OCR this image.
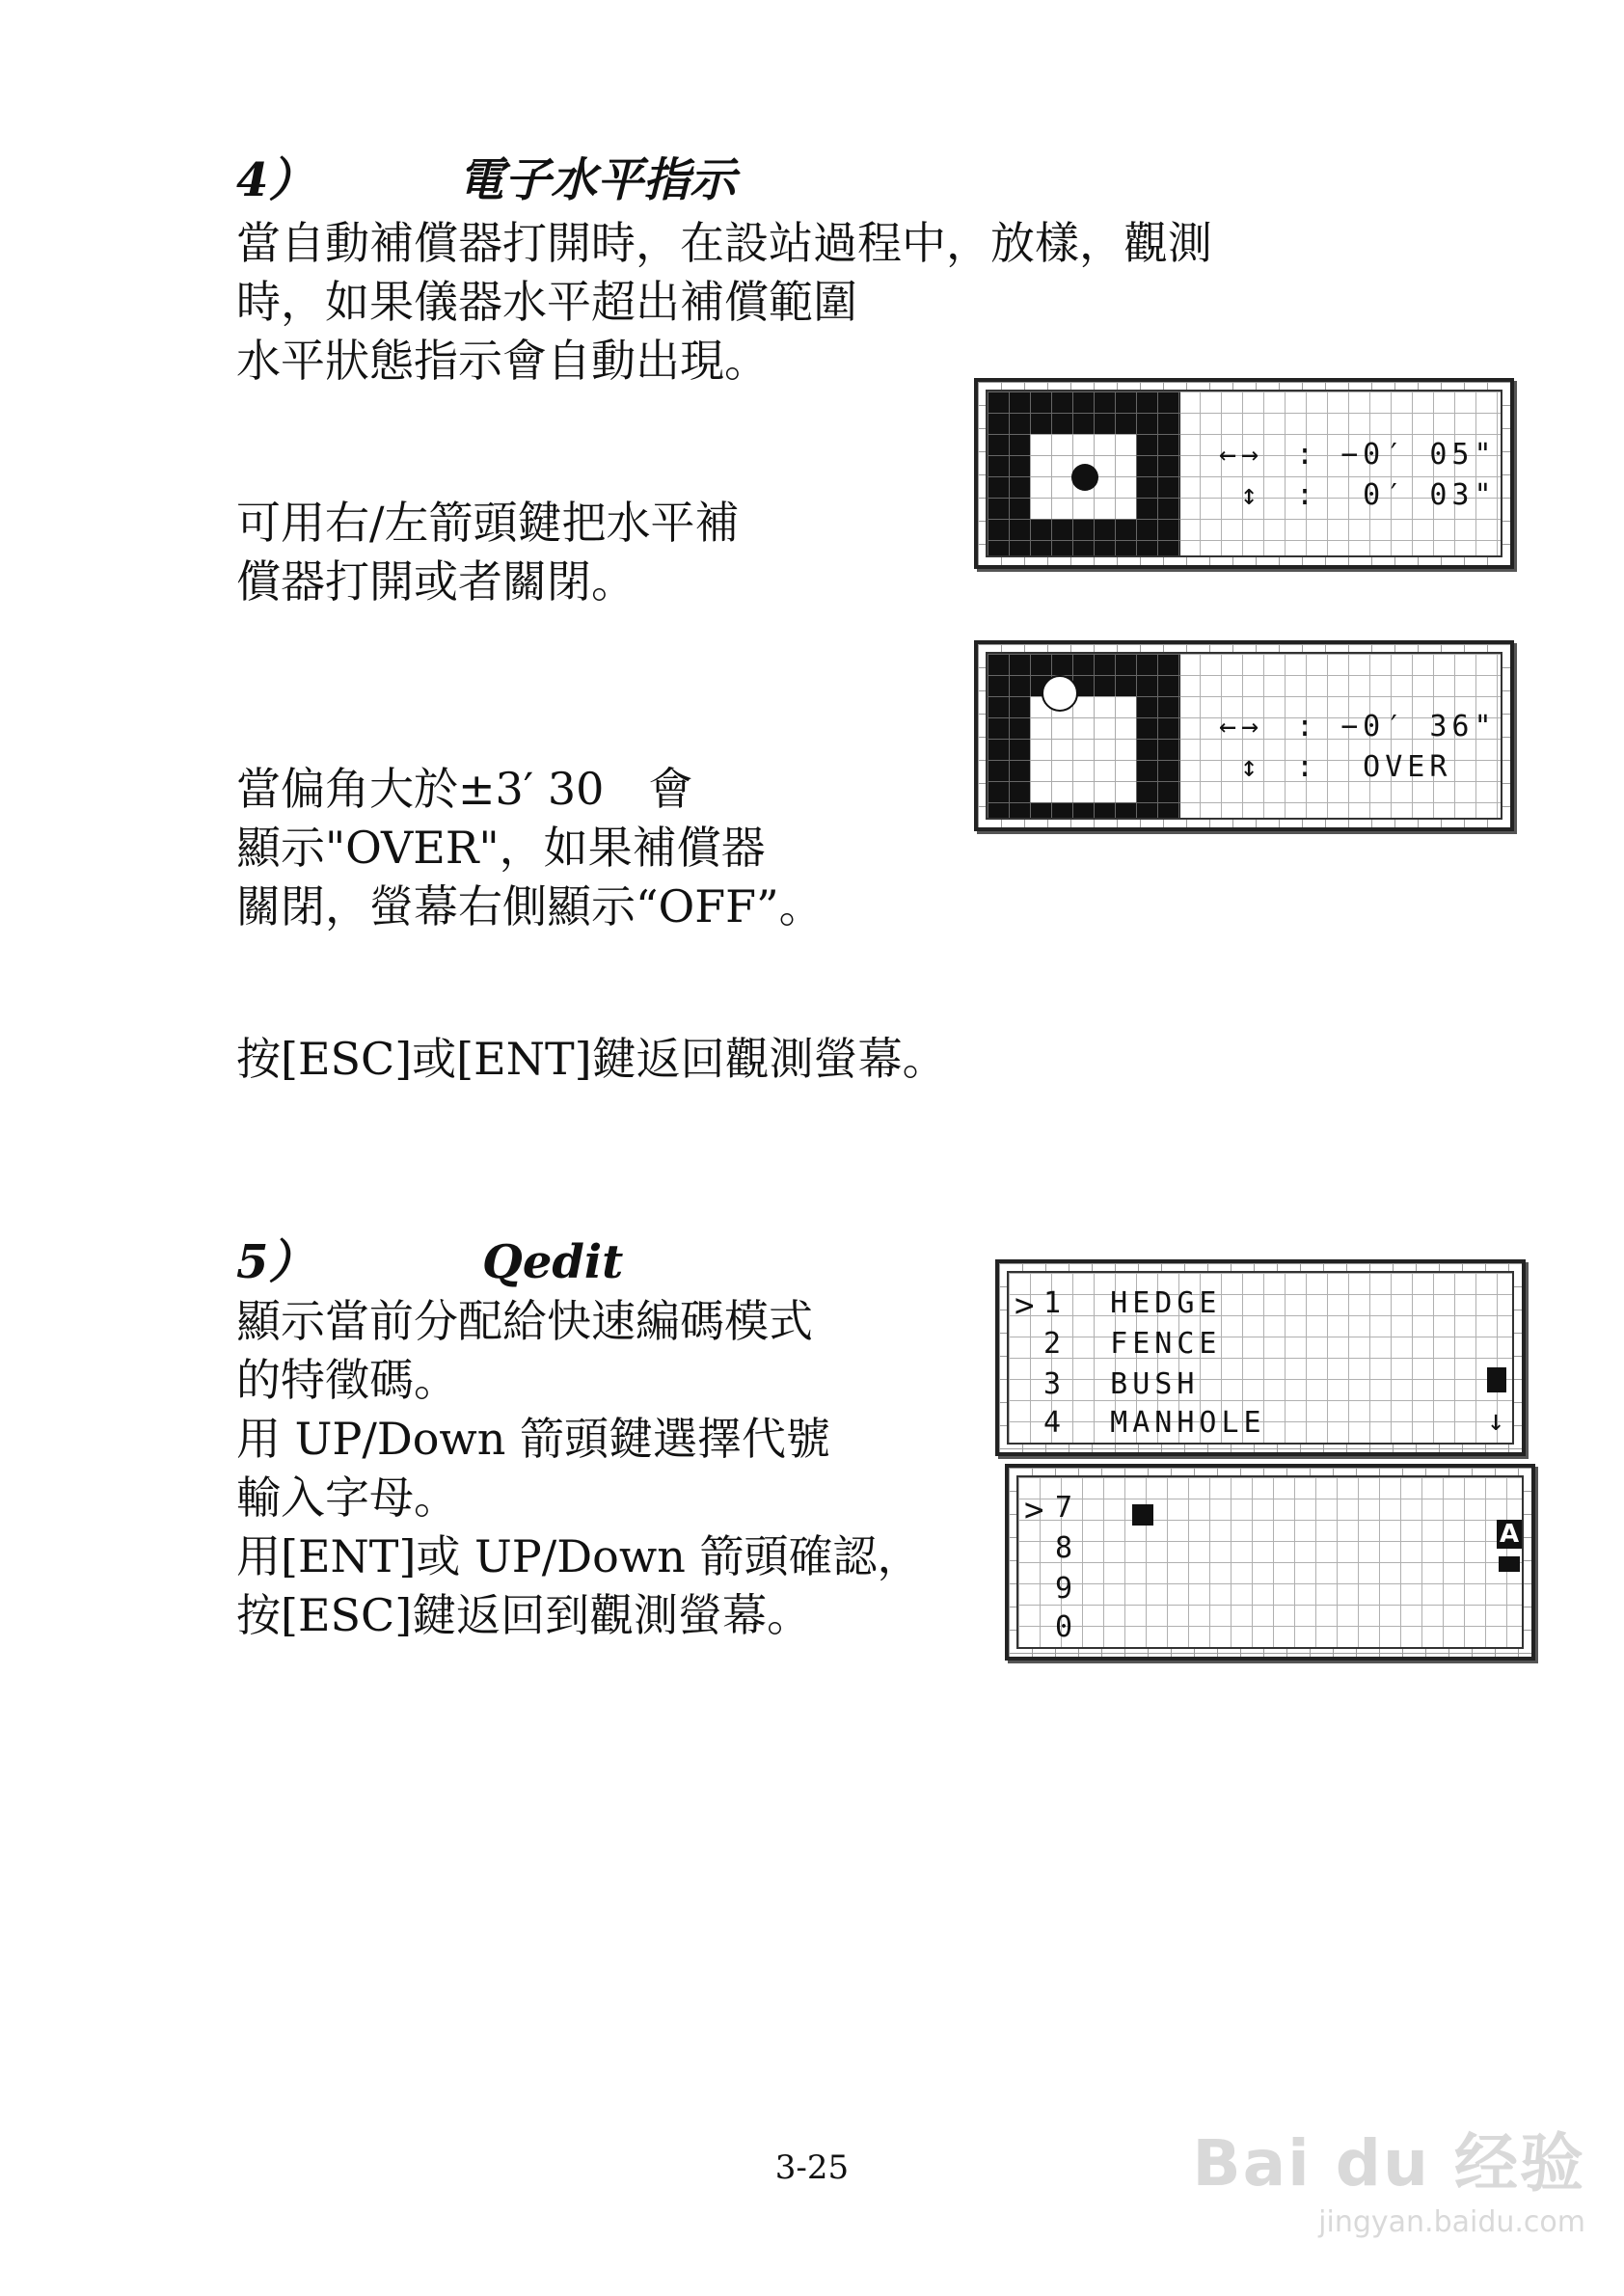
4）	電子水平指示
當自動補償器打開時，在設站過程中，放樣，觀測
時，如果儀器水平超出補償範圍
水平狀態指示會自動出現。
可用右/左箭頭鍵把水平補
償器打開或者關閉。
當偏角大於±3′ 30　會
顯示"OVER"，如果補償器
關閉，螢幕右側顯示“OFF”。
按[ESC]或[ENT]鍵返回觀測螢幕。
←→ : −0′ 05"
↕ :  0′ 03"
←→ : −0′ 36"
↕ :  OVER
5）	Qedit
顯示當前分配給快速編碼模式
的特徵碼。
用 UP/Down 箭頭鍵選擇代號
輸入字母。
用[ENT]或 UP/Down 箭頭確認，
按[ESC]鍵返回到觀測螢幕。
> 1  HEDGE
2  FENCE
3  BUSH
4  MANHOLE	↓
> 7
8
9
0
A
3-25	Bai du 经验
jingyan.baidu.com
